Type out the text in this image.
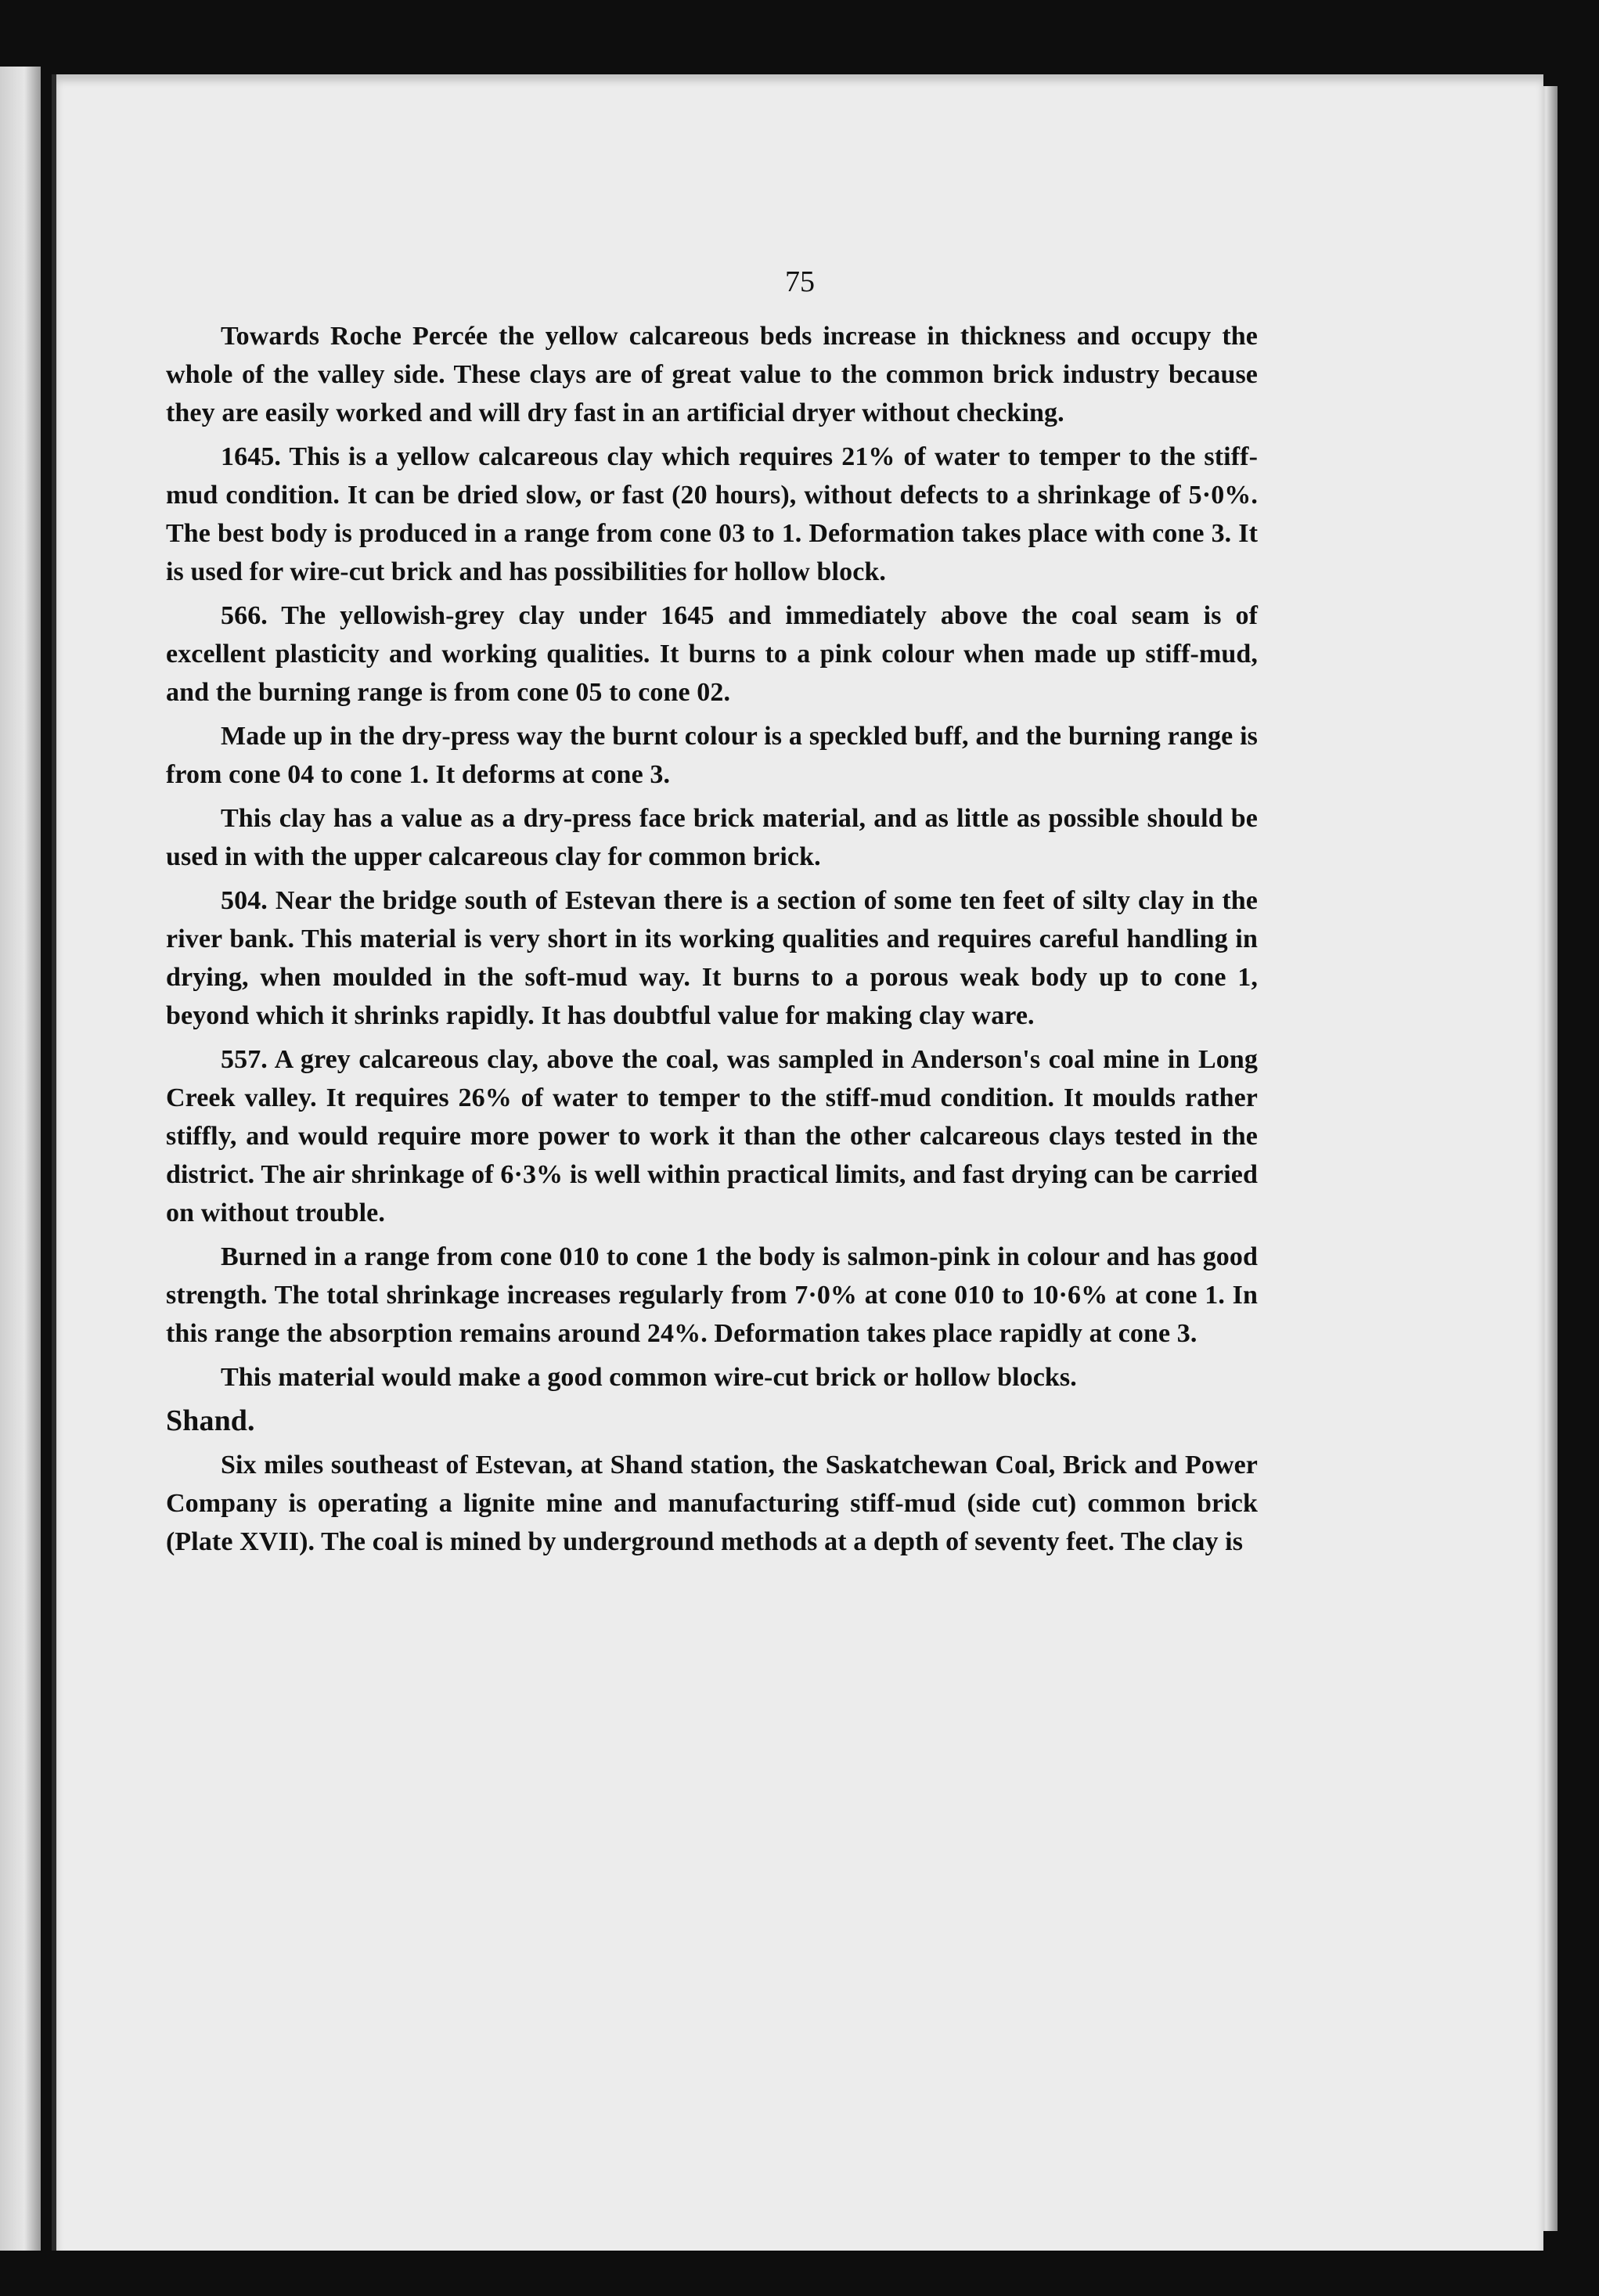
75

Towards Roche Percée the yellow calcareous beds increase in thickness and occupy the whole of the valley side. These clays are of great value to the common brick industry because they are easily worked and will dry fast in an artificial dryer without checking.

1645. This is a yellow calcareous clay which requires 21% of water to temper to the stiff-mud condition. It can be dried slow, or fast (20 hours), without defects to a shrinkage of 5·0%. The best body is produced in a range from cone 03 to 1. Deformation takes place with cone 3. It is used for wire-cut brick and has possibilities for hollow block.

566. The yellowish-grey clay under 1645 and immediately above the coal seam is of excellent plasticity and working qualities. It burns to a pink colour when made up stiff-mud, and the burning range is from cone 05 to cone 02.

Made up in the dry-press way the burnt colour is a speckled buff, and the burning range is from cone 04 to cone 1. It deforms at cone 3.

This clay has a value as a dry-press face brick material, and as little as possible should be used in with the upper calcareous clay for common brick.

504. Near the bridge south of Estevan there is a section of some ten feet of silty clay in the river bank. This material is very short in its working qualities and requires careful handling in drying, when moulded in the soft-mud way. It burns to a porous weak body up to cone 1, beyond which it shrinks rapidly. It has doubtful value for making clay ware.

557. A grey calcareous clay, above the coal, was sampled in Anderson's coal mine in Long Creek valley. It requires 26% of water to temper to the stiff-mud condition. It moulds rather stiffly, and would require more power to work it than the other calcareous clays tested in the district. The air shrinkage of 6·3% is well within practical limits, and fast drying can be carried on without trouble.

Burned in a range from cone 010 to cone 1 the body is salmon-pink in colour and has good strength. The total shrinkage increases regularly from 7·0% at cone 010 to 10·6% at cone 1. In this range the absorption remains around 24%. Deformation takes place rapidly at cone 3.

This material would make a good common wire-cut brick or hollow blocks.

Shand.

Six miles southeast of Estevan, at Shand station, the Saskatchewan Coal, Brick and Power Company is operating a lignite mine and manufacturing stiff-mud (side cut) common brick (Plate XVII). The coal is mined by underground methods at a depth of seventy feet. The clay is
